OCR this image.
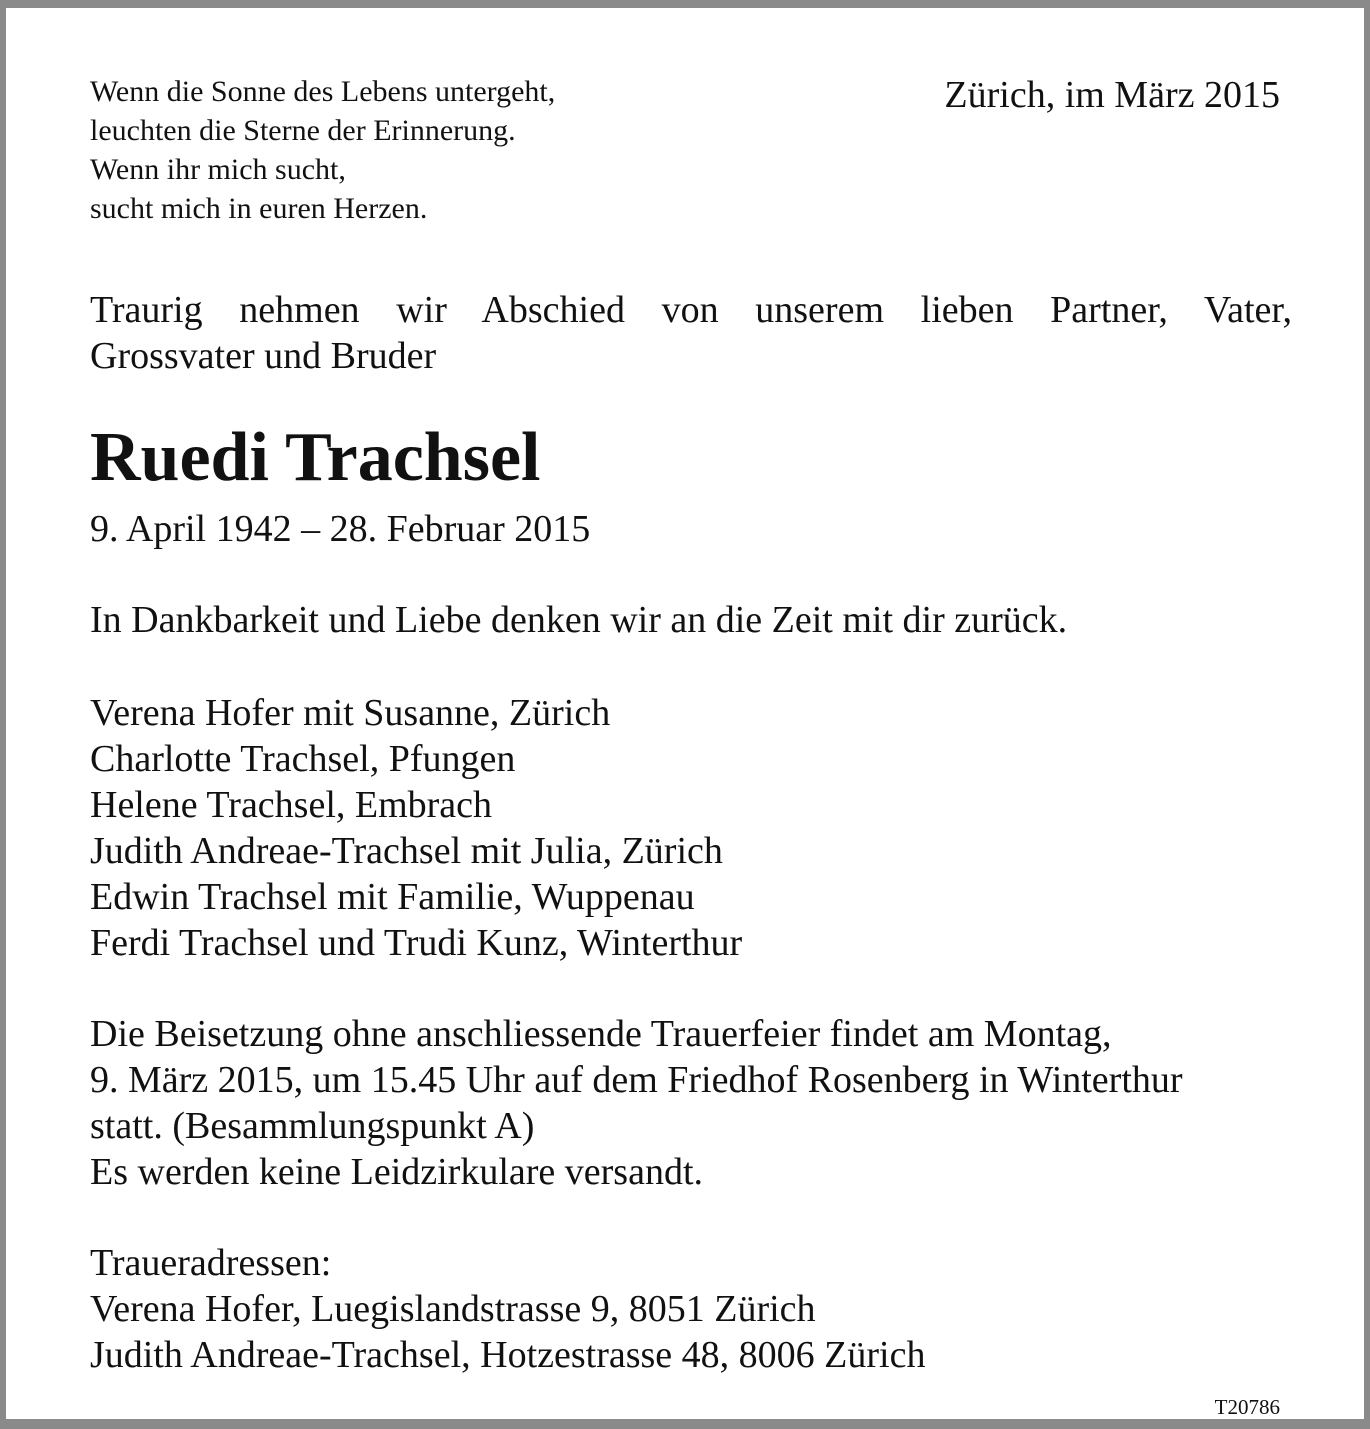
Wenn die Sonne des Lebens untergeht,
leuchten die Sterne der Erinnerung.
Wenn ihr mich sucht,
sucht mich in euren Herzen.
Zürich, im März 2015
Traurig nehmen wir Abschied von unserem lieben Partner, Vater,
Grossvater und Bruder
Ruedi Trachsel
9. April 1942 – 28. Februar 2015
In Dankbarkeit und Liebe denken wir an die Zeit mit dir zurück.
Verena Hofer mit Susanne, Zürich
Charlotte Trachsel, Pfungen
Helene Trachsel, Embrach
Judith Andreae-Trachsel mit Julia, Zürich
Edwin Trachsel mit Familie, Wuppenau
Ferdi Trachsel und Trudi Kunz, Winterthur
Die Beisetzung ohne anschliessende Trauerfeier findet am Montag,
9. März 2015, um 15.45 Uhr auf dem Friedhof Rosenberg in Winterthur
statt. (Besammlungspunkt A)
Es werden keine Leidzirkulare versandt.
Traueradressen:
Verena Hofer, Luegislandstrasse 9, 8051 Zürich
Judith Andreae-Trachsel, Hotzestrasse 48, 8006 Zürich
T20786
